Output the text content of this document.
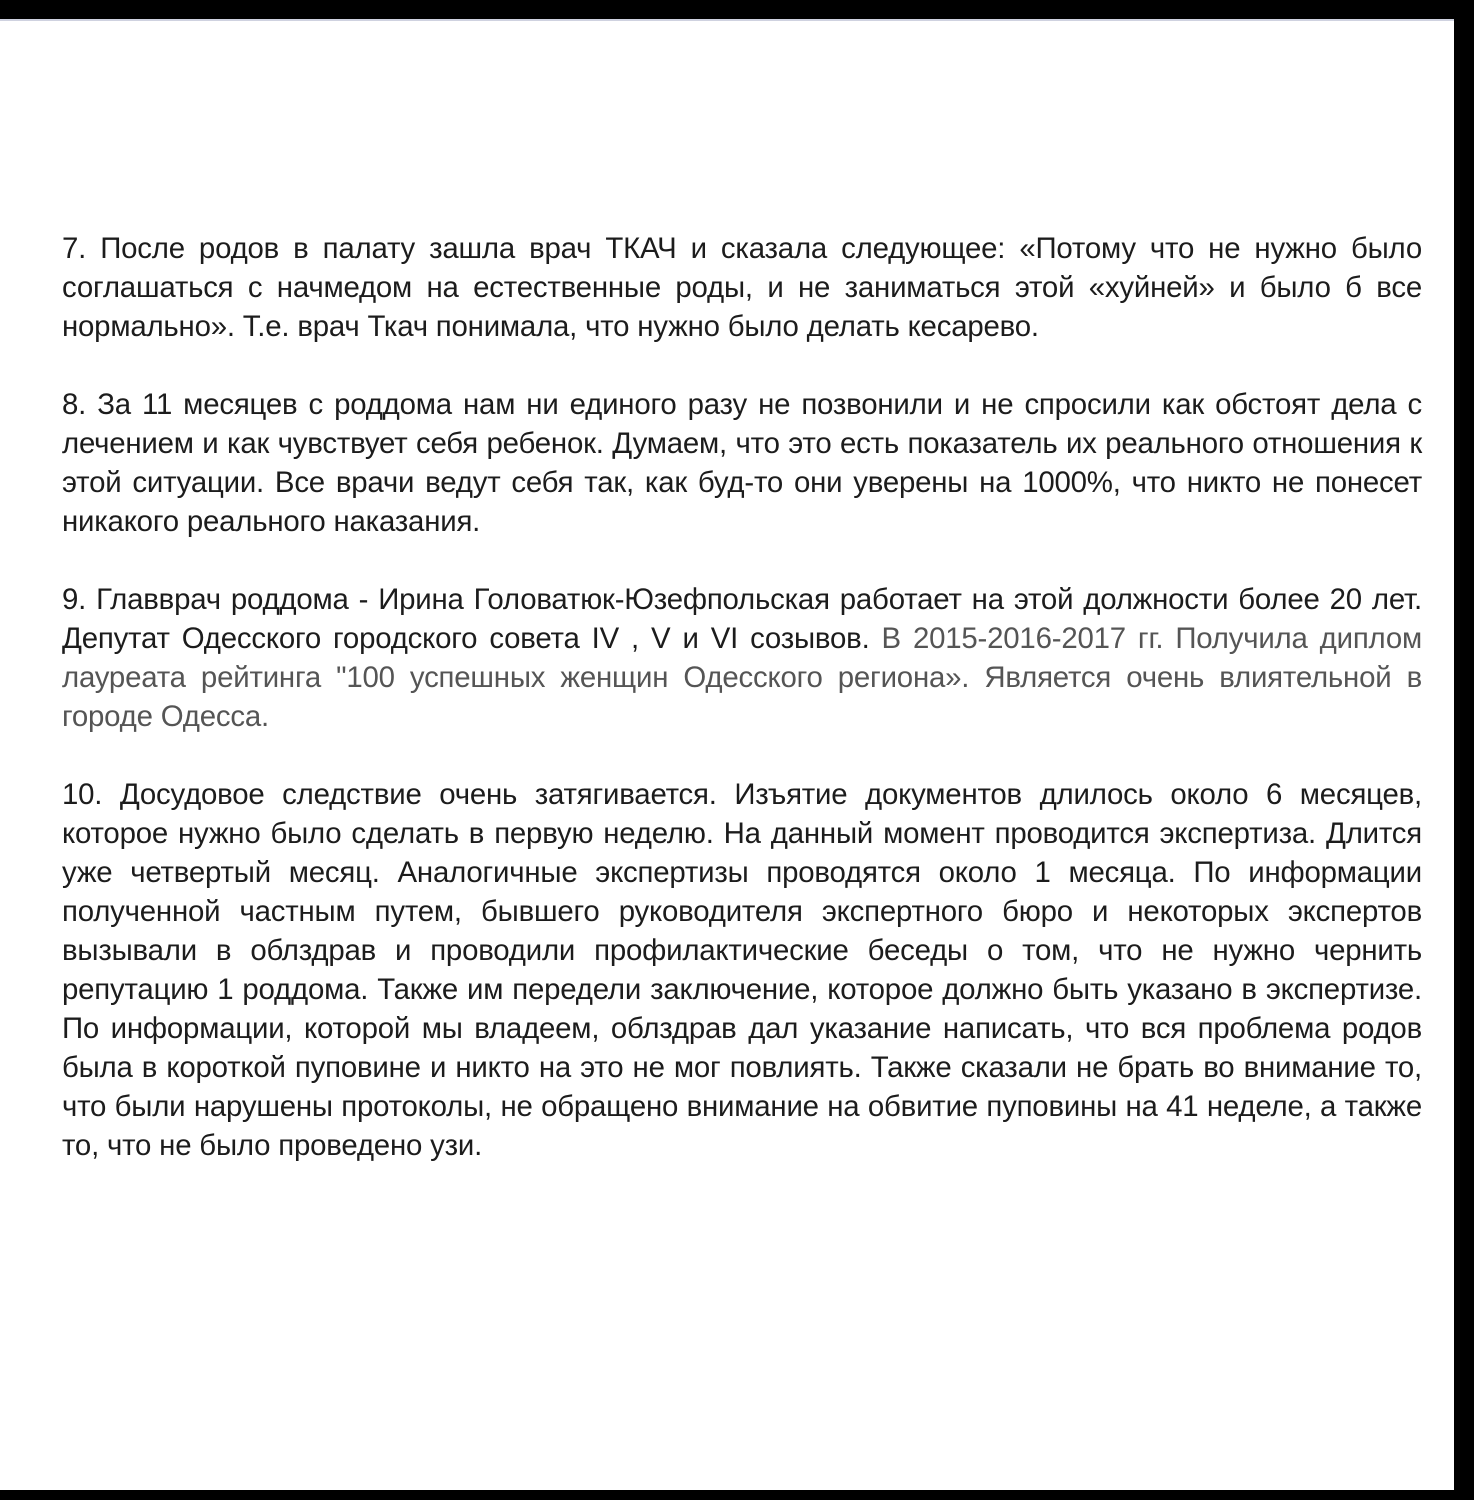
7. После родов в палату зашла врач ТКАЧ и сказала следующее: «Потому что не нужно было соглашаться с начмедом на естественные роды, и не заниматься этой «хуйней» и было б все нормально». Т.е. врач Ткач понимала, что нужно было делать кесарево.

8. За 11 месяцев с роддома нам ни единого разу не позвонили и не спросили как обстоят дела с лечением и как чувствует себя ребенок. Думаем, что это есть показатель их реального отношения к этой ситуации. Все врачи ведут себя так, как буд-то они уверены на 1000%, что никто не понесет никакого реального наказания.

9. Главврач роддома - Ирина Головатюк-Юзефпольская работает на этой должности более 20 лет. Депутат Одесского городского совета IV , V и VI созывов. В 2015-2016-2017 гг. Получила диплом лауреата рейтинга "100 успешных женщин Одесского региона». Является очень влиятельной в городе Одесса.

10. Досудовое следствие очень затягивается. Изъятие документов длилось около 6 месяцев, которое нужно было сделать в первую неделю. На данный момент проводится экспертиза. Длится уже четвертый месяц. Аналогичные экспертизы проводятся около 1 месяца. По информации полученной частным путем, бывшего руководителя экспертного бюро и некоторых экспертов вызывали в облздрав и проводили профилактические беседы о том, что не нужно чернить репутацию 1 роддома. Также им передели заключение, которое должно быть указано в экспертизе. По информации, которой мы владеем, облздрав дал указание написать, что вся проблема родов была в короткой пуповине и никто на это не мог повлиять. Также сказали не брать во внимание то, что были нарушены протоколы, не обращено внимание на обвитие пуповины на 41 неделе, а также то, что не было проведено узи.
